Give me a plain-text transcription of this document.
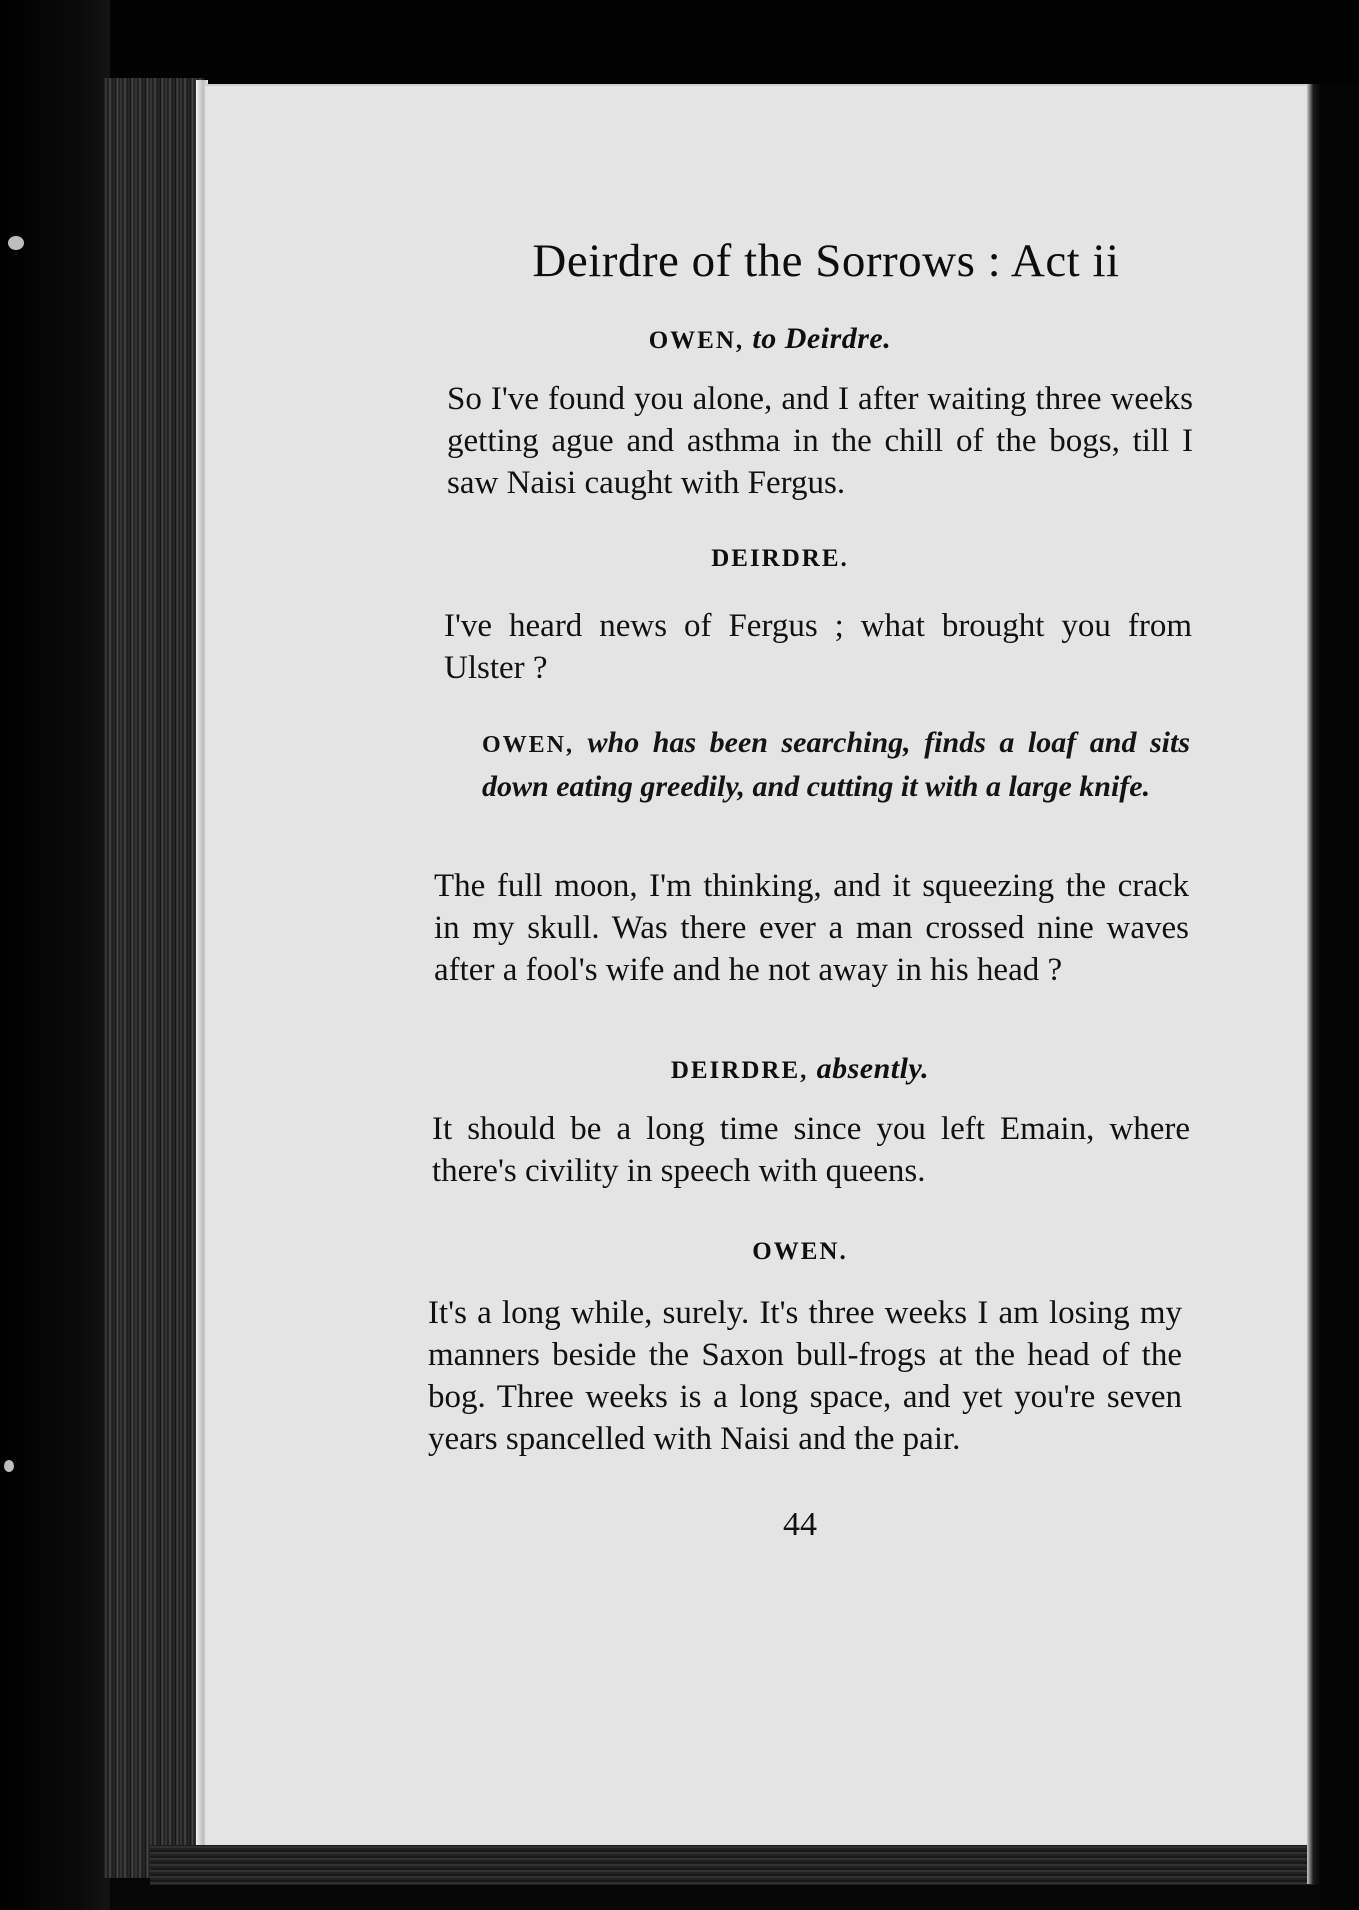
Deirdre of the Sorrows : Act ii
OWEN, to Deirdre.
So I've found you alone, and I after waiting three weeks getting ague and asthma in the chill of the bogs, till I saw Naisi caught with Fergus.
DEIRDRE.
I've heard news of Fergus ; what brought you from Ulster ?
OWEN, who has been searching, finds a loaf and sits down eating greedily, and cutting it with a large knife.
The full moon, I'm thinking, and it squeezing the crack in my skull. Was there ever a man crossed nine waves after a fool's wife and he not away in his head ?
DEIRDRE, absently.
It should be a long time since you left Emain, where there's civility in speech with queens.
OWEN.
It's a long while, surely. It's three weeks I am losing my manners beside the Saxon bull-frogs at the head of the bog. Three weeks is a long space, and yet you're seven years spancelled with Naisi and the pair.
44
